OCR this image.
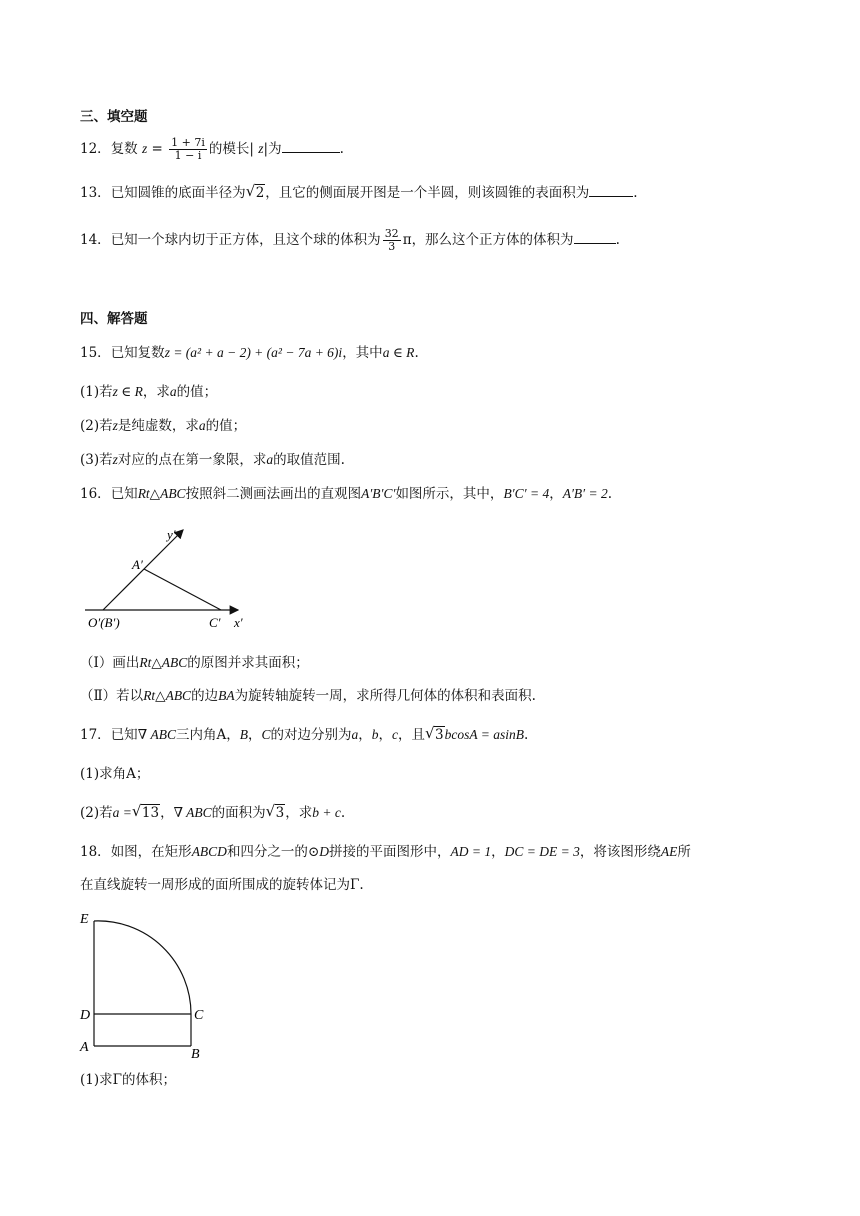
三、填空题
12．复数 $z = \frac{1 + 7i}{1 - i}$ 的模长| z|为	.
13．已知圆锥的底面半径为 √ 2，且它的侧面展开图是一个半圆，则该圆锥的表面积为	.
14．已知一个球内切于正方体，且这个球的体积为 $\frac{32}{3}$ π，那么这个正方体的体积为	.
四、解答题
15．已知复数z = (a² + a − 2) + (a² − 7a + 6)i，其中a ∈ R.
(1)若z ∈ R，求a的值；
(2)若z是纯虚数，求a的值；
(3)若z对应的点在第一象限，求a的取值范围.
16．已知Rt△ABC按照斜二测画法画出的直观图A′B′C′如图所示，其中，B′C′ = 4，A′B′ = 2.
y′
A′
O′(B′)	C′ x′
（Ⅰ）画出Rt△ABC的原图并求其面积；
（Ⅱ）若以Rt△ABC的边BA为旋转轴旋转一周，求所得几何体的体积和表面积.
17．已知∇ ABC三内角A，B，C的对边分别为a，b，c，且 √ 3bcosA = asinB.
(1)求角A；
(2)若a = √ 13，∇ ABC的面积为 √ 3，求b + c.
18．如图，在矩形ABCD和四分之一的⊙D拼接的平面图形中，AD = 1，DC = DE = 3，将该图形绕AE所
在直线旋转一周形成的面所围成的旋转体记为Γ.
E
D	C
A	B
(1)求Γ的体积；
